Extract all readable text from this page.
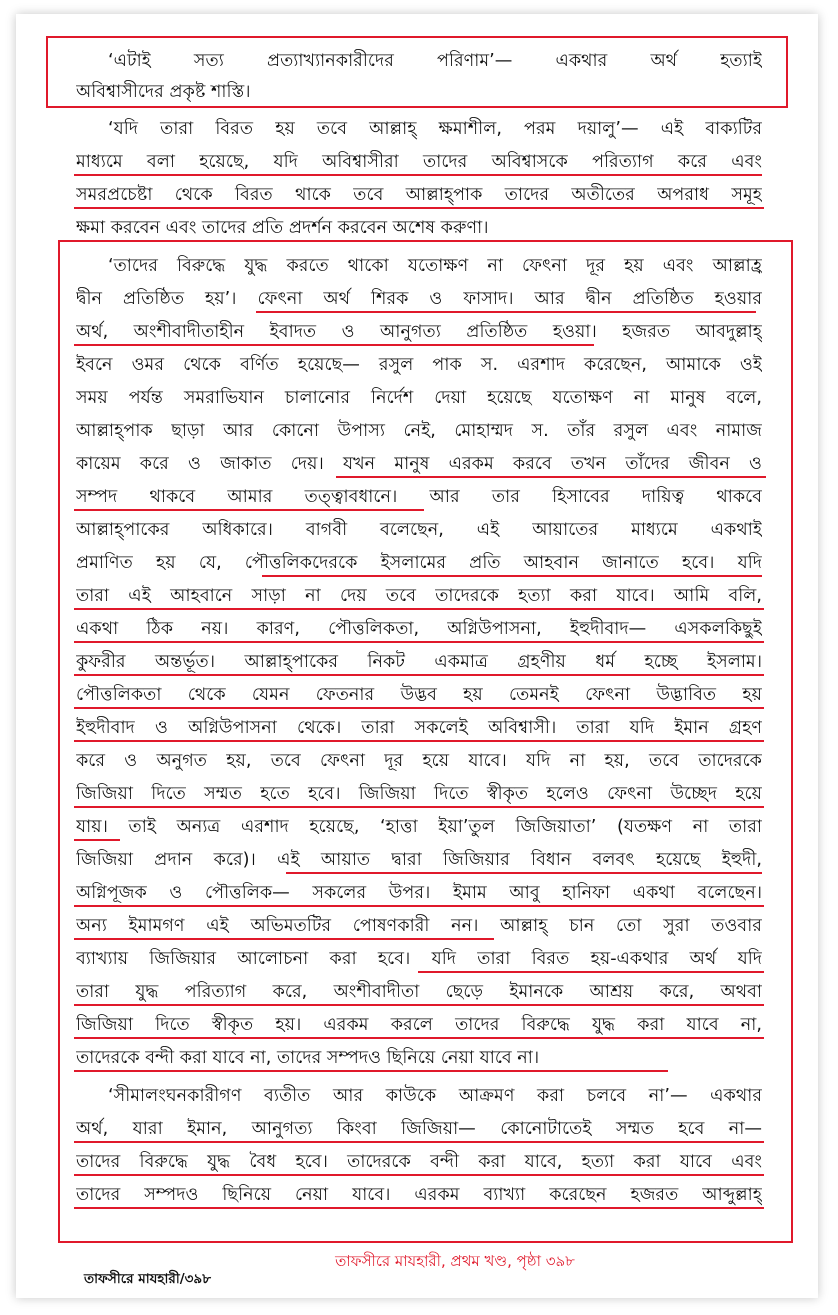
‘এটাই সত্য প্রত্যাখ্যানকারীদের পরিণাম’— একথার অর্থ হত্যাই
অবিশ্বাসীদের প্রকৃষ্ট শাস্তি।
‘যদি তারা বিরত হয় তবে আল্লাহ্ ক্ষমাশীল, পরম দয়ালু’— এই বাক্যটির
মাধ্যমে বলা হয়েছে, যদি অবিশ্বাসীরা তাদের অবিশ্বাসকে পরিত্যাগ করে এবং
সমরপ্রচেষ্টা থেকে বিরত থাকে তবে আল্লাহ্পাক তাদের অতীতের অপরাধ সমূহ
ক্ষমা করবেন এবং তাদের প্রতি প্রদর্শন করবেন অশেষ করুণা।
‘তাদের বিরুদ্ধে যুদ্ধ করতে থাকো যতোক্ষণ না ফেৎনা দূর হয় এবং আল্লাহ্র
দ্বীন প্রতিষ্ঠিত হয়’। ফেৎনা অর্থ শিরক ও ফাসাদ। আর দ্বীন প্রতিষ্ঠিত হওয়ার
অর্থ, অংশীবাদীতাহীন ইবাদত ও আনুগত্য প্রতিষ্ঠিত হওয়া। হজরত আবদুল্লাহ্
ইবনে ওমর থেকে বর্ণিত হয়েছে— রসুল পাক স. এরশাদ করেছেন, আমাকে ওই
সময় পর্যন্ত সমরাভিযান চালানোর নির্দেশ দেয়া হয়েছে যতোক্ষণ না মানুষ বলে,
আল্লাহ্পাক ছাড়া আর কোনো উপাস্য নেই, মোহাম্মদ স. তাঁর রসুল এবং নামাজ
কায়েম করে ও জাকাত দেয়। যখন মানুষ এরকম করবে তখন তাঁদের জীবন ও
সম্পদ থাকবে আমার তত্ত্বাবধানে। আর তার হিসাবের দায়িত্ব থাকবে
আল্লাহ্পাকের অধিকারে। বাগবী বলেছেন, এই আয়াতের মাধ্যমে একথাই
প্রমাণিত হয় যে, পৌত্তলিকদেরকে ইসলামের প্রতি আহবান জানাতে হবে। যদি
তারা এই আহবানে সাড়া না দেয় তবে তাদেরকে হত্যা করা যাবে। আমি বলি,
একথা ঠিক নয়। কারণ, পৌত্তলিকতা, অগ্নিউপাসনা, ইহুদীবাদ— এসকলকিছুই
কুফরীর অন্তর্ভূত। আল্লাহ্পাকের নিকট একমাত্র গ্রহণীয় ধর্ম হচ্ছে ইসলাম।
পৌত্তলিকতা থেকে যেমন ফেতনার উদ্ভব হয় তেমনই ফেৎনা উদ্ভাবিত হয়
ইহুদীবাদ ও অগ্নিউপাসনা থেকে। তারা সকলেই অবিশ্বাসী। তারা যদি ইমান গ্রহণ
করে ও অনুগত হয়, তবে ফেৎনা দূর হয়ে যাবে। যদি না হয়, তবে তাদেরকে
জিজিয়া দিতে সম্মত হতে হবে। জিজিয়া দিতে স্বীকৃত হলেও ফেৎনা উচ্ছেদ হয়ে
যায়। তাই অন্যত্র এরশাদ হয়েছে, ‘হাত্তা ইয়া’তুল জিজিয়াতা’ (যতক্ষণ না তারা
জিজিয়া প্রদান করে)। এই আয়াত দ্বারা জিজিয়ার বিধান বলবৎ হয়েছে ইহুদী,
অগ্নিপূজক ও পৌত্তলিক— সকলের উপর। ইমাম আবু হানিফা একথা বলেছেন।
অন্য ইমামগণ এই অভিমতটির পোষণকারী নন। আল্লাহ্ চান তো সুরা তওবার
ব্যাখ্যায় জিজিয়ার আলোচনা করা হবে। যদি তারা বিরত হয়-একথার অর্থ যদি
তারা যুদ্ধ পরিত্যাগ করে, অংশীবাদীতা ছেড়ে ইমানকে আশ্রয় করে, অথবা
জিজিয়া দিতে স্বীকৃত হয়। এরকম করলে তাদের বিরুদ্ধে যুদ্ধ করা যাবে না,
তাদেরকে বন্দী করা যাবে না, তাদের সম্পদও ছিনিয়ে নেয়া যাবে না।
‘সীমালংঘনকারীগণ ব্যতীত আর কাউকে আক্রমণ করা চলবে না’— একথার
অর্থ, যারা ইমান, আনুগত্য কিংবা জিজিয়া— কোনোটাতেই সম্মত হবে না—
তাদের বিরুদ্ধে যুদ্ধ বৈধ হবে। তাদেরকে বন্দী করা যাবে, হত্যা করা যাবে এবং
তাদের সম্পদও ছিনিয়ে নেয়া যাবে। এরকম ব্যাখ্যা করেছেন হজরত আব্দুল্লাহ্
তাফসীরে মাযহারী, প্রথম খণ্ড, পৃষ্ঠা ৩৯৮
তাফসীরে মাযহারী/৩৯৮
